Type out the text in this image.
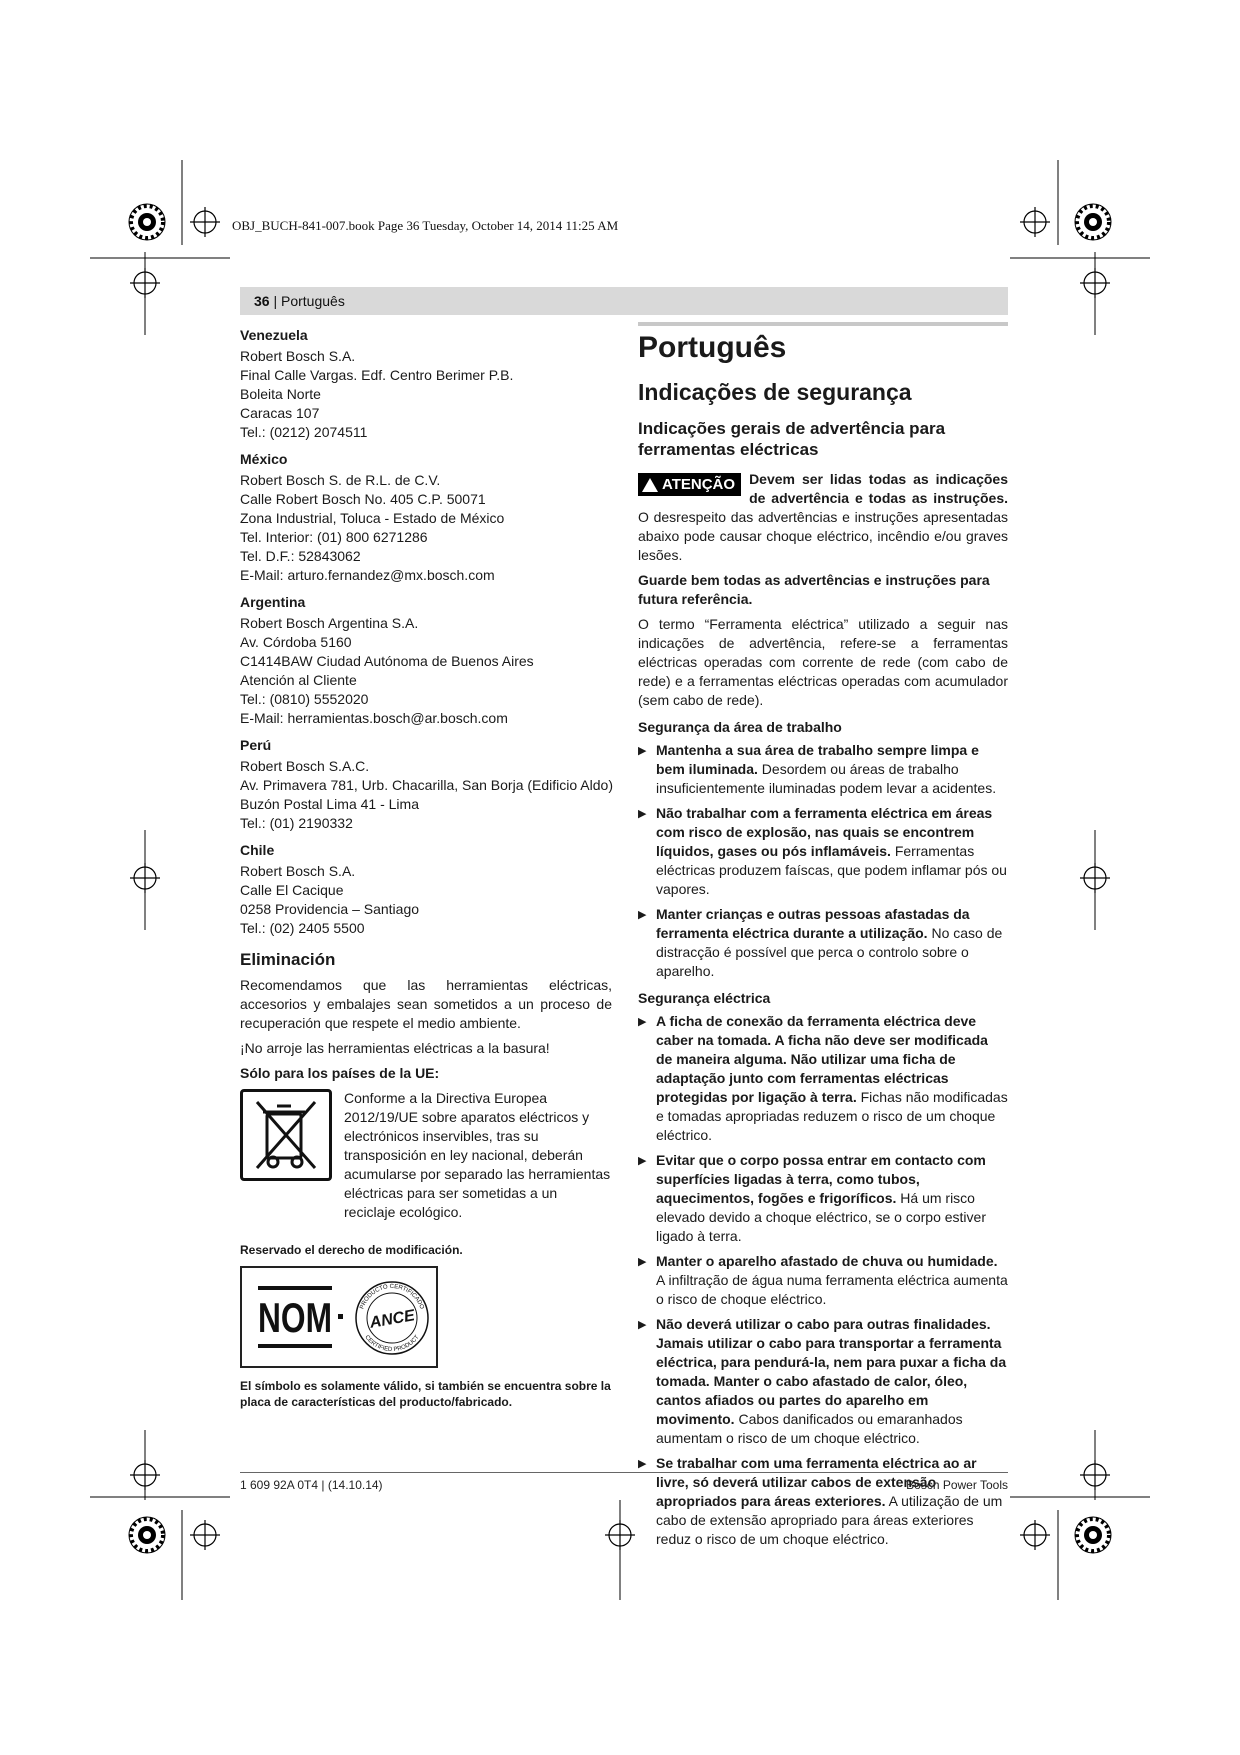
OBJ_BUCH-841-007.book Page 36 Tuesday, October 14, 2014 11:25 AM
36 | Português
Venezuela
Robert Bosch S.A.
Final Calle Vargas. Edf. Centro Berimer P.B.
Boleita Norte
Caracas 107
Tel.: (0212) 2074511
México
Robert Bosch S. de R.L. de C.V.
Calle Robert Bosch No. 405 C.P. 50071
Zona Industrial, Toluca - Estado de México
Tel. Interior: (01) 800 6271286
Tel. D.F.: 52843062
E-Mail: arturo.fernandez@mx.bosch.com
Argentina
Robert Bosch Argentina S.A.
Av. Córdoba 5160
C1414BAW Ciudad Autónoma de Buenos Aires
Atención al Cliente
Tel.: (0810) 5552020
E-Mail: herramientas.bosch@ar.bosch.com
Perú
Robert Bosch S.A.C.
Av. Primavera 781, Urb. Chacarilla, San Borja (Edificio Aldo)
Buzón Postal Lima 41 - Lima
Tel.: (01) 2190332
Chile
Robert Bosch S.A.
Calle El Cacique
0258 Providencia – Santiago
Tel.: (02) 2405 5500
Eliminación
Recomendamos que las herramientas eléctricas, accesorios y embalajes sean sometidos a un proceso de recuperación que respete el medio ambiente.
¡No arroje las herramientas eléctricas a la basura!
Sólo para los países de la UE:
Conforme a la Directiva Europea 2012/19/UE sobre aparatos eléctricos y electrónicos inservibles, tras su transposición en ley nacional, deberán acumularse por separado las herramientas eléctricas para ser sometidas a un reciclaje ecológico.
Reservado el derecho de modificación.
NOM	PRODUCTO CERTIFICADO
CERTIFIED PRODUCT
ANCE
El símbolo es solamente válido, si también se encuentra sobre la placa de características del producto/fabricado.
Português
Indicações de segurança
Indicações gerais de advertência para ferramentas eléctricas
ATENÇÃO Devem ser lidas todas as indicações de advertência e todas as instruções. O desrespeito das advertências e instruções apresentadas abaixo pode causar choque eléctrico, incêndio e/ou graves lesões.
Guarde bem todas as advertências e instruções para futura referência.
O termo “Ferramenta eléctrica” utilizado a seguir nas indicações de advertência, refere-se a ferramentas eléctricas operadas com corrente de rede (com cabo de rede) e a ferramentas eléctricas operadas com acumulador (sem cabo de rede).
Segurança da área de trabalho
▶ Mantenha a sua área de trabalho sempre limpa e bem iluminada. Desordem ou áreas de trabalho insuficientemente iluminadas podem levar a acidentes.
▶ Não trabalhar com a ferramenta eléctrica em áreas com risco de explosão, nas quais se encontrem líquidos, gases ou pós inflamáveis. Ferramentas eléctricas produzem faíscas, que podem inflamar pós ou vapores.
▶ Manter crianças e outras pessoas afastadas da ferramenta eléctrica durante a utilização. No caso de distracção é possível que perca o controlo sobre o aparelho.
Segurança eléctrica
▶ A ficha de conexão da ferramenta eléctrica deve caber na tomada. A ficha não deve ser modificada de maneira alguma. Não utilizar uma ficha de adaptação junto com ferramentas eléctricas protegidas por ligação à terra. Fichas não modificadas e tomadas apropriadas reduzem o risco de um choque eléctrico.
▶ Evitar que o corpo possa entrar em contacto com superfícies ligadas à terra, como tubos, aquecimentos, fogões e frigoríficos. Há um risco elevado devido a choque eléctrico, se o corpo estiver ligado à terra.
▶ Manter o aparelho afastado de chuva ou humidade. A infiltração de água numa ferramenta eléctrica aumenta o risco de choque eléctrico.
▶ Não deverá utilizar o cabo para outras finalidades. Jamais utilizar o cabo para transportar a ferramenta eléctrica, para pendurá-la, nem para puxar a ficha da tomada. Manter o cabo afastado de calor, óleo, cantos afiados ou partes do aparelho em movimento. Cabos danificados ou emaranhados aumentam o risco de um choque eléctrico.
▶ Se trabalhar com uma ferramenta eléctrica ao ar livre, só deverá utilizar cabos de extensão apropriados para áreas exteriores. A utilização de um cabo de extensão apropriado para áreas exteriores reduz o risco de um choque eléctrico.
1 609 92A 0T4 | (14.10.14)	Bosch Power Tools
